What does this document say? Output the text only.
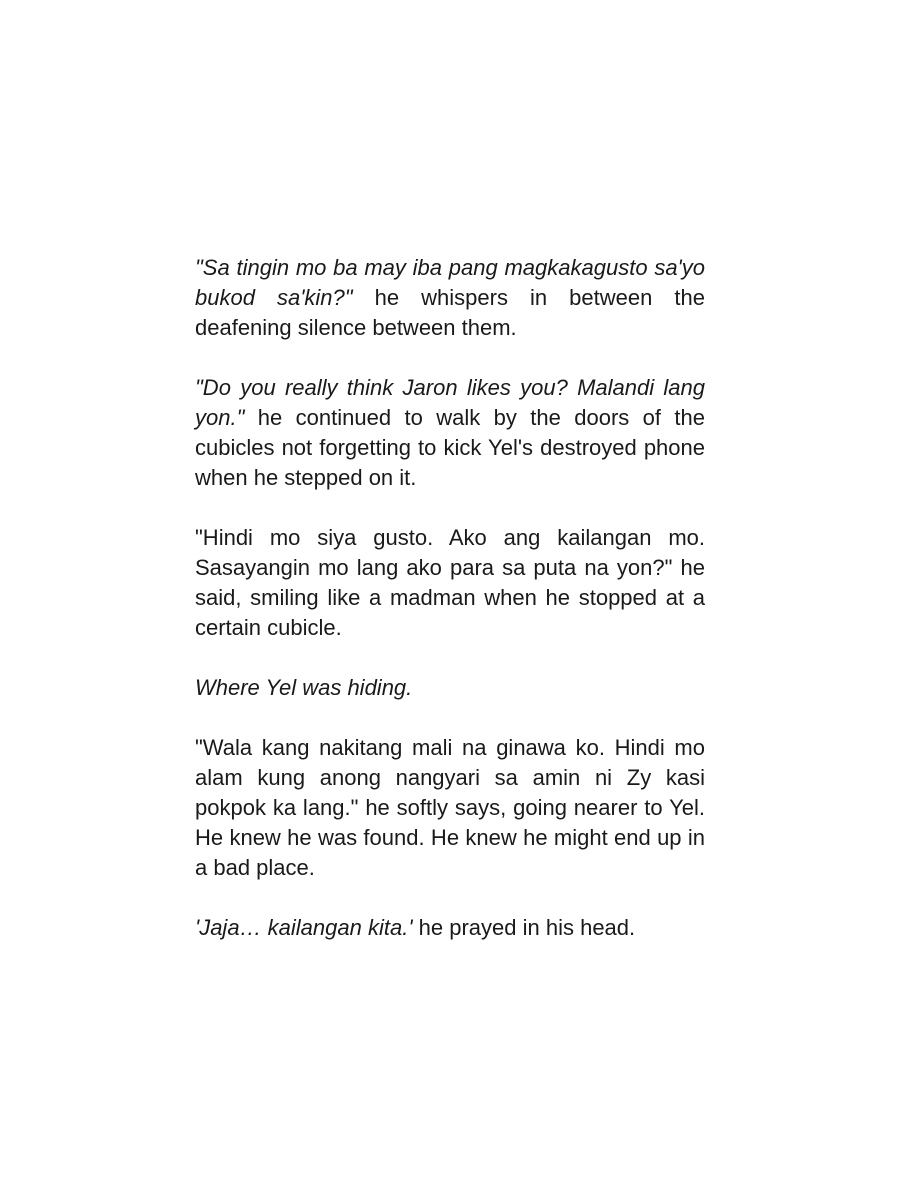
"Sa tingin mo ba may iba pang magkakagusto sa'yo bukod sa'kin?" he whispers in between the deafening silence between them.

"Do you really think Jaron likes you? Malandi lang yon." he continued to walk by the doors of the cubicles not forgetting to kick Yel's destroyed phone when he stepped on it.

"Hindi mo siya gusto. Ako ang kailangan mo. Sasayangin mo lang ako para sa puta na yon?" he said, smiling like a madman when he stopped at a certain cubicle.

Where Yel was hiding.

"Wala kang nakitang mali na ginawa ko. Hindi mo alam kung anong nangyari sa amin ni Zy kasi pokpok ka lang." he softly says, going nearer to Yel. He knew he was found. He knew he might end up in a bad place.

'Jaja… kailangan kita.' he prayed in his head.
